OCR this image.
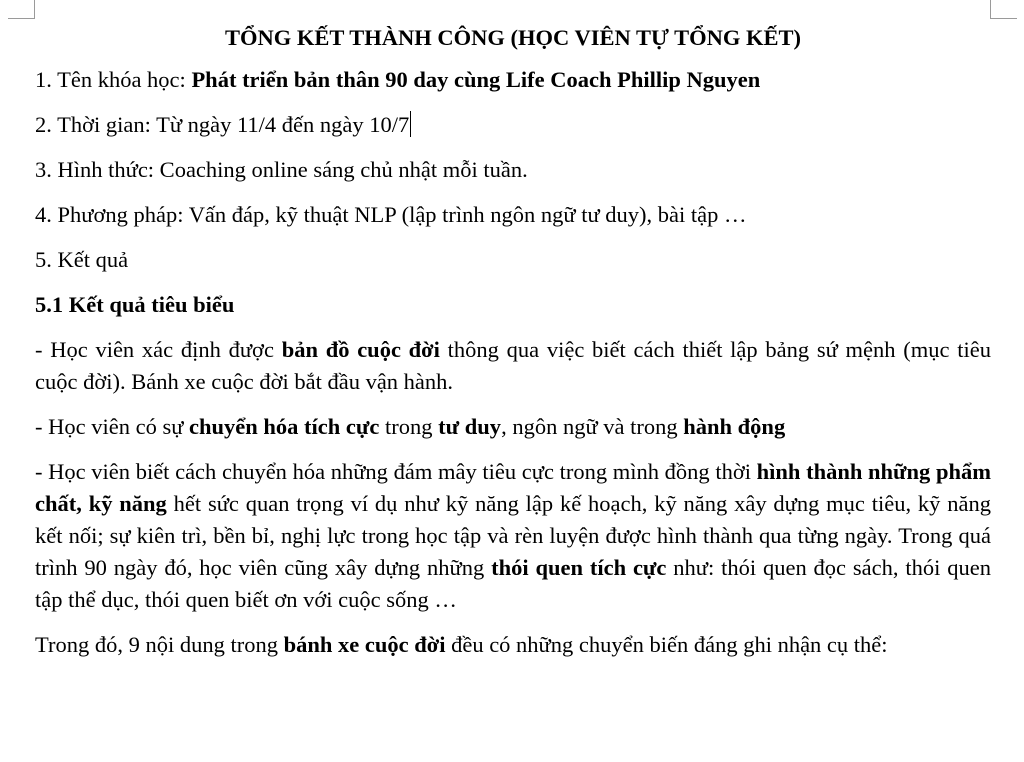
TỔNG KẾT THÀNH CÔNG (HỌC VIÊN TỰ TỔNG KẾT)

1. Tên khóa học: Phát triển bản thân 90 day cùng Life Coach Phillip Nguyen

2. Thời gian: Từ ngày 11/4 đến ngày 10/7

3. Hình thức: Coaching online sáng chủ nhật mỗi tuần.

4. Phương pháp: Vấn đáp, kỹ thuật NLP (lập trình ngôn ngữ tư duy), bài tập …

5. Kết quả

5.1 Kết quả tiêu biểu

- Học viên xác định được bản đồ cuộc đời thông qua việc biết cách thiết lập bảng sứ mệnh (mục tiêu cuộc đời). Bánh xe cuộc đời bắt đầu vận hành.

- Học viên có sự chuyển hóa tích cực trong tư duy, ngôn ngữ và trong hành động

- Học viên biết cách chuyển hóa những đám mây tiêu cực trong mình đồng thời hình thành những phẩm chất, kỹ năng hết sức quan trọng ví dụ như kỹ năng lập kế hoạch, kỹ năng xây dựng mục tiêu, kỹ năng kết nối; sự kiên trì, bền bỉ, nghị lực trong học tập và rèn luyện được hình thành qua từng ngày. Trong quá trình 90 ngày đó, học viên cũng xây dựng những thói quen tích cực như: thói quen đọc sách, thói quen tập thể dục, thói quen biết ơn với cuộc sống …

Trong đó, 9 nội dung trong bánh xe cuộc đời đều có những chuyển biến đáng ghi nhận cụ thể:
